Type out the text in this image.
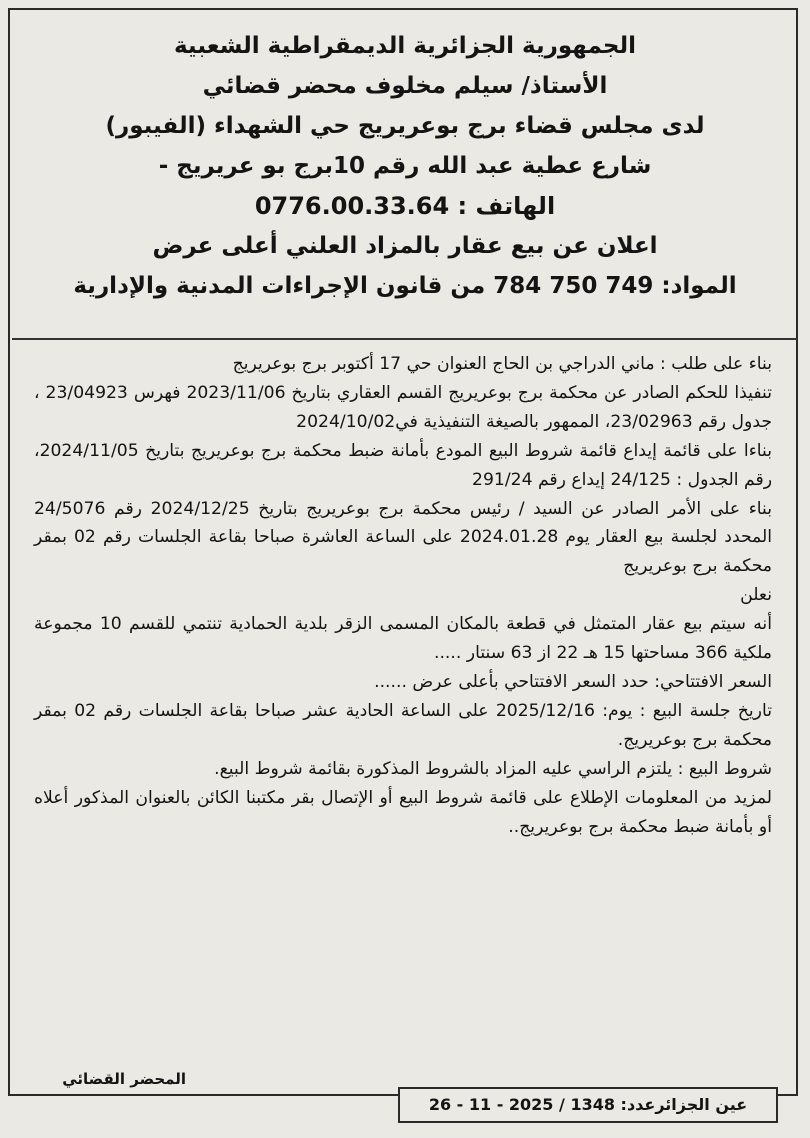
الجمهورية الجزائرية الديمقراطية الشعبية
الأستاذ/ سيلم مخلوف محضر قضائي
لدى مجلس قضاء برج بوعريريج حي الشهداء (الفيبور)
شارع عطية عبد الله رقم 10برج بو عريريج -
الهاتف : 0776.00.33.64
اعلان عن بيع عقار بالمزاد العلني أعلى عرض
المواد: 749 750 784 من قانون الإجراءات المدنية والإدارية

بناء على طلب : ماني الدراجي بن الحاج العنوان حي 17 أكتوبر برج بوعريريج

تنفيذا للحكم الصادر عن محكمة برج بوعريريج القسم العقاري بتاريخ 2023/11/06 فهرس 23/04923 ، جدول رقم 23/02963، الممهور بالصيغة التنفيذية في2024/10/02

بناءا على قائمة إيداع قائمة شروط البيع المودع بأمانة ضبط محكمة برج بوعريريج بتاريخ 2024/11/05، رقم الجدول : 24/125 إيداع رقم 291/24

بناء على الأمر الصادر عن السيد / رئيس محكمة برج بوعريريج بتاريخ 2024/12/25 رقم 24/5076 المحدد لجلسة بيع العقار يوم 2024.01.28 على الساعة العاشرة صباحا بقاعة الجلسات رقم 02 بمقر محكمة برج بوعريريج

نعلن

أنه سيتم بيع عقار المتمثل في قطعة بالمكان المسمى الزقر بلدية الحمادية تنتمي للقسم 10 مجموعة ملكية 366 مساحتها 15 هـ 22 از 63 سنتار .....

السعر الافتتاحي: حدد السعر الافتتاحي بأعلى عرض ......

تاريخ جلسة البيع : يوم: 2025/12/16 على الساعة الحادية عشر صباحا بقاعة الجلسات رقم 02 بمقر محكمة برج بوعريريج.

شروط البيع : يلتزم الراسي عليه المزاد بالشروط المذكورة بقائمة شروط البيع.

لمزيد من المعلومات الإطلاع على قائمة شروط البيع أو الإتصال بقر مكتبنا الكائن بالعنوان المذكور أعلاه أو بأمانة ضبط محكمة برج بوعريريج..

المحضر القضائي
عين الجزائرعدد: 1348 / 26 - 11 - 2025
